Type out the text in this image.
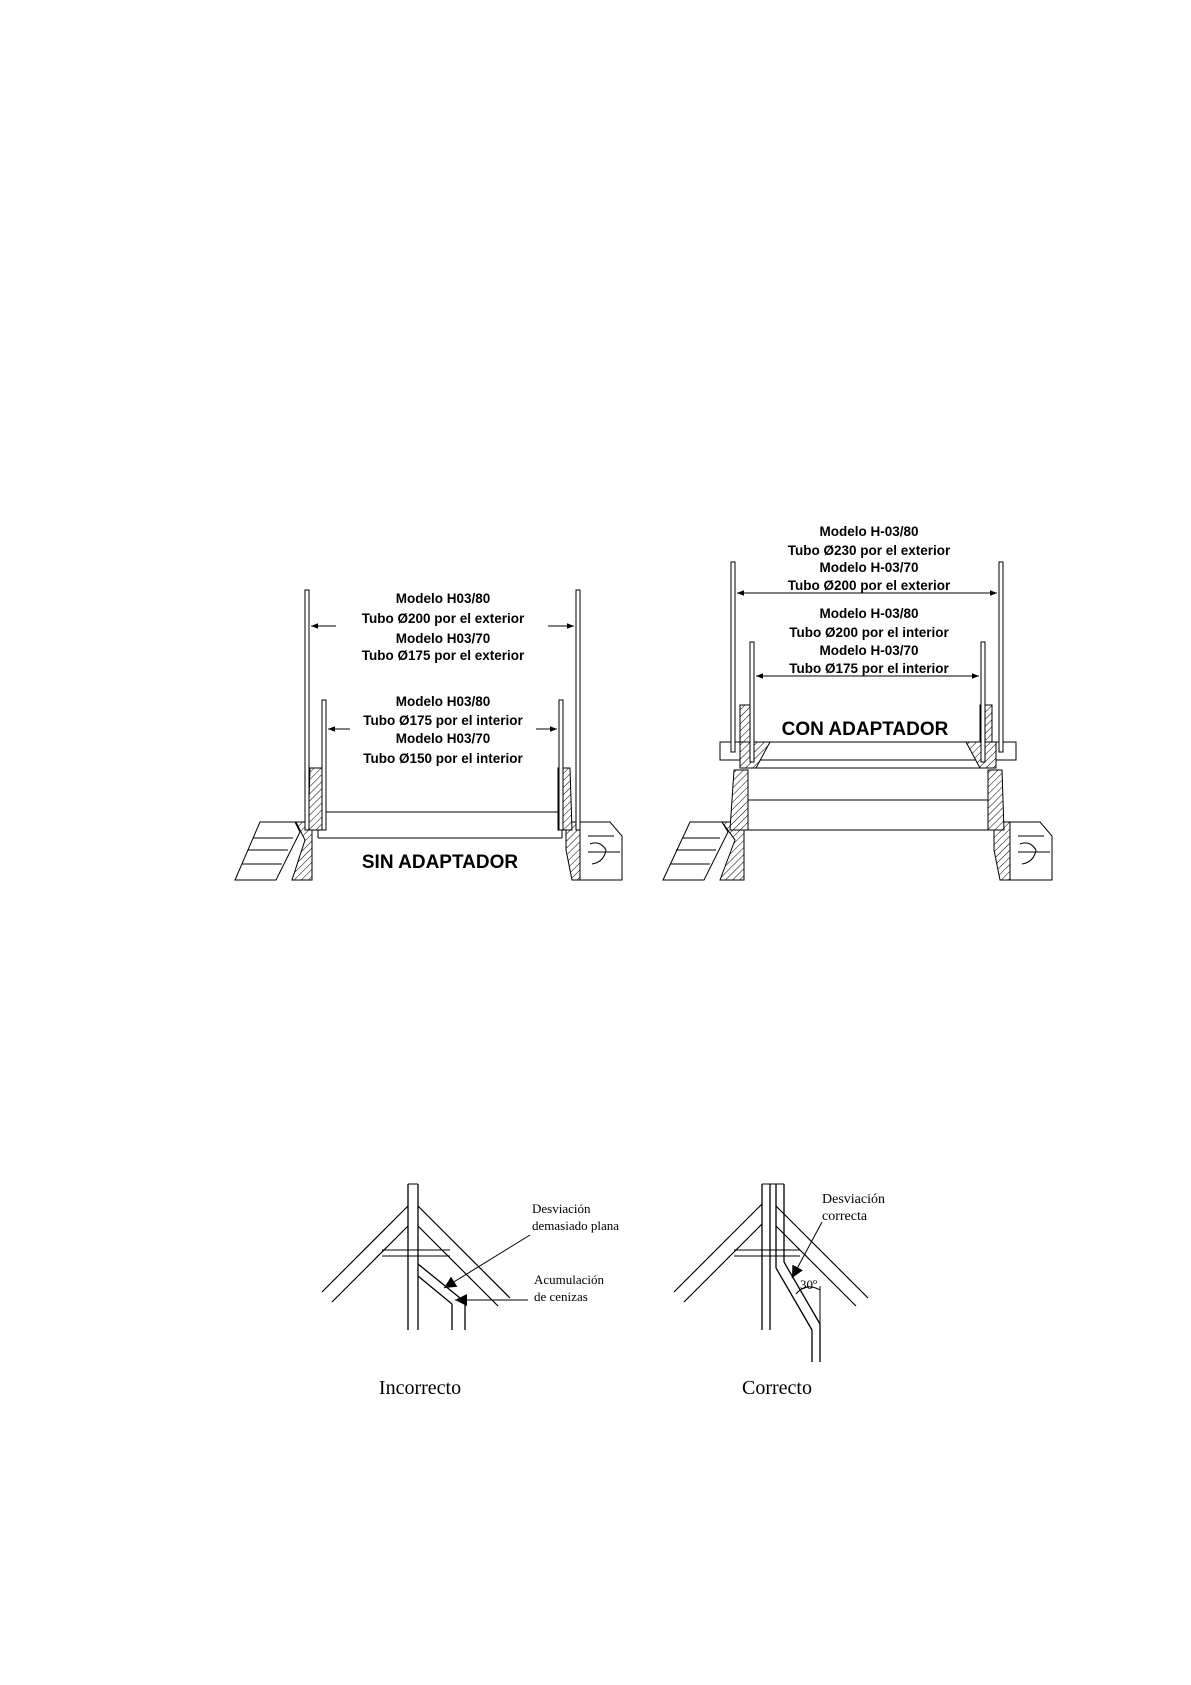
Modelo H03/80
Tubo Ø200 por el exterior
Modelo H03/70
Tubo Ø175 por el exterior
Modelo H03/80
Tubo Ø175 por el interior
Modelo H03/70
Tubo Ø150 por el interior
SIN ADAPTADOR
Modelo H-03/80
Tubo Ø230 por el exterior
Modelo H-03/70
Tubo Ø200 por el exterior
Modelo H-03/80
Tubo Ø200 por el interior
Modelo H-03/70
Tubo Ø175 por el interior
CON ADAPTADOR
Desviación
demasiado plana
Acumulación
de cenizas
Incorrecto
30º
Desviación
correcta
Correcto
